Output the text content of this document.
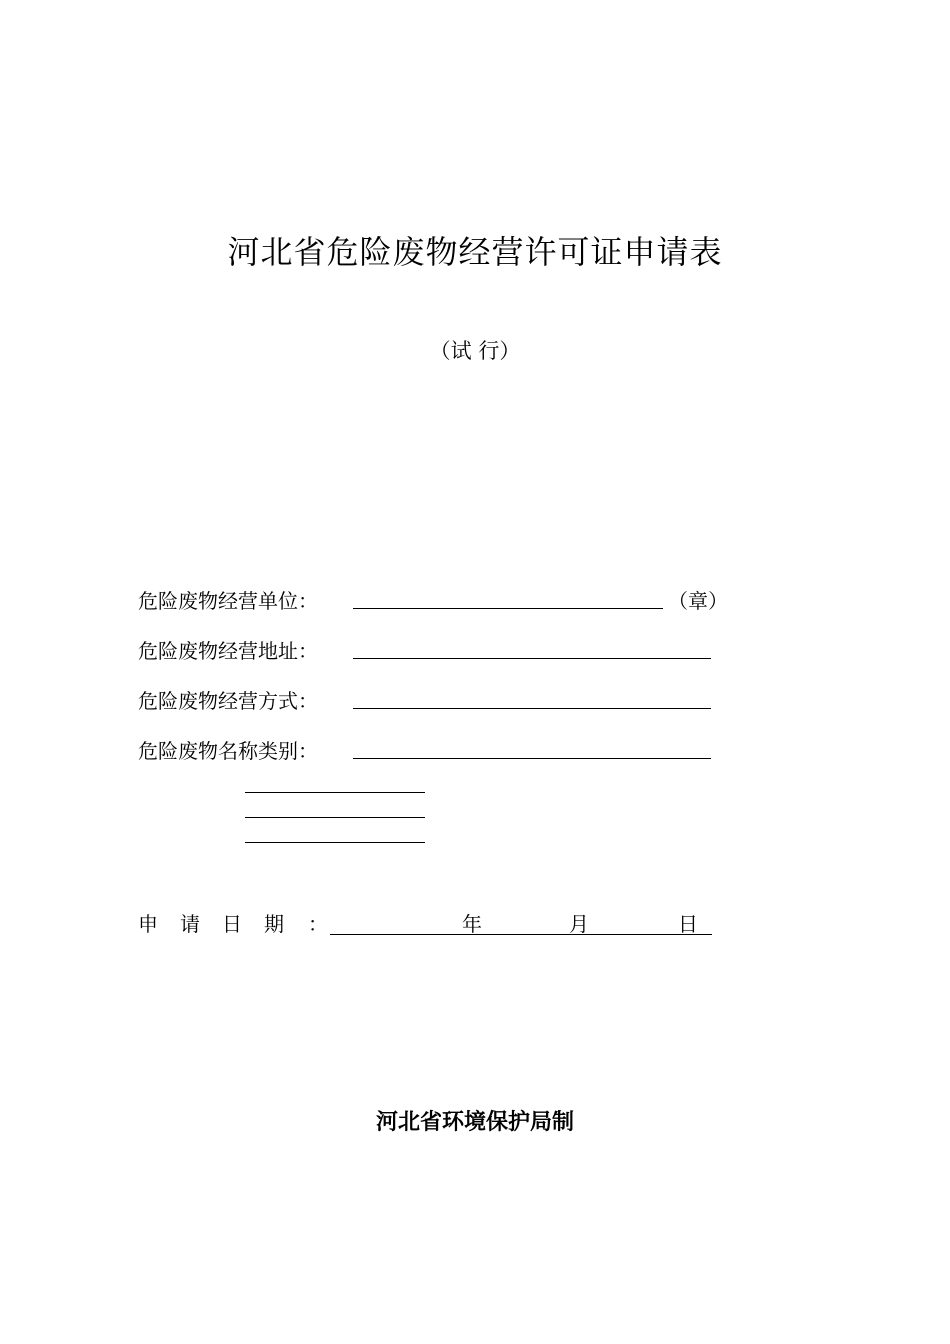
河北省危险废物经营许可证申请表
（试 行）
危险废物经营单位：	（章）
危险废物经营地址：
危险废物经营方式：
危险废物名称类别：
申请日期 ：	年	月	日
河北省环境保护局制
